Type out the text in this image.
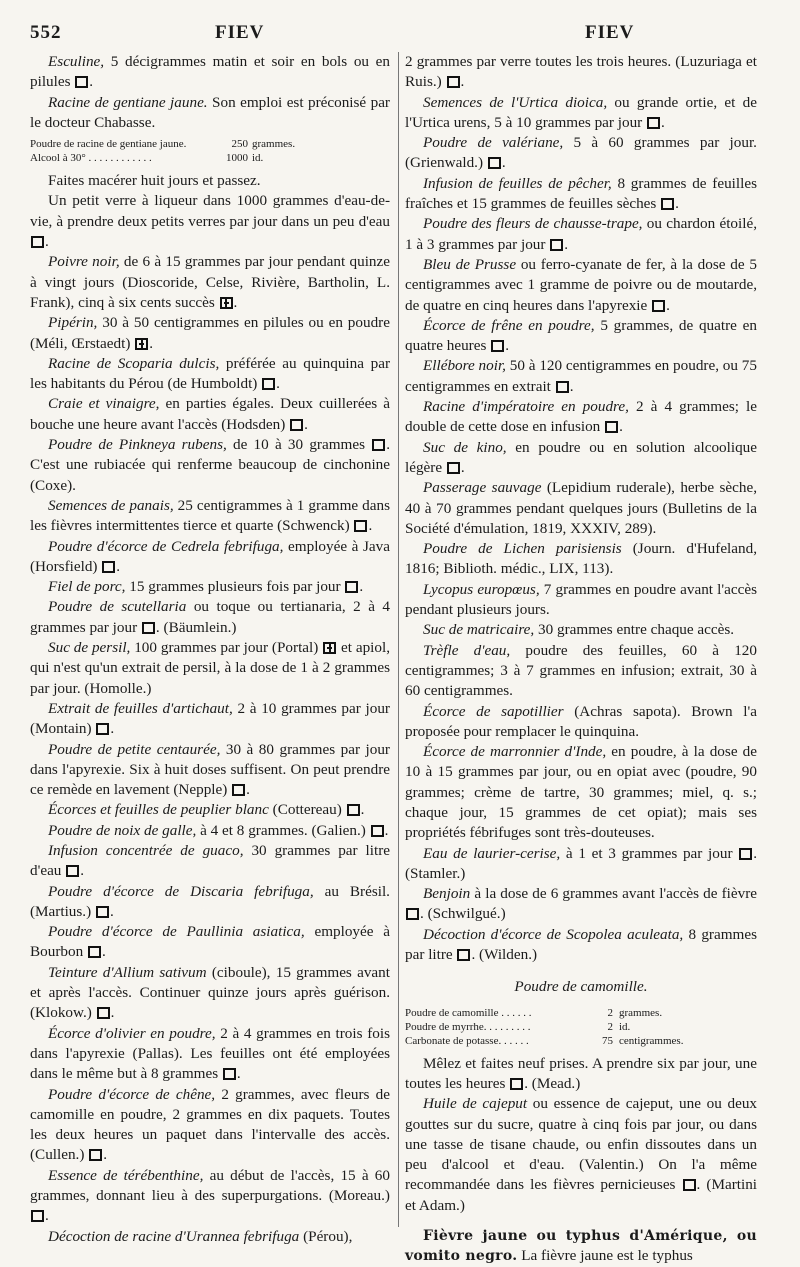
552	FIEV	FIEV

Esculine, 5 décigrammes matin et soir en bols ou en pilules .

Racine de gentiane jaune. Son emploi est préconisé par le docteur Chabasse.

Poudre de racine de gentiane jaune.	250	grammes.
Alcool à 30° . . . . . . . . . . . .	1000	id.

Faites macérer huit jours et passez.

Un petit verre à liqueur dans 1000 grammes d'eau-de-vie, à prendre deux petits verres par jour dans un peu d'eau .

Poivre noir, de 6 à 15 grammes par jour pendant quinze à vingt jours (Dioscoride, Celse, Rivière, Bartholin, L. Frank), cinq à six cents succès .

Pipérin, 30 à 50 centigrammes en pilules ou en poudre (Méli, Œrstaedt) .

Racine de Scoparia dulcis, préférée au quinquina par les habitants du Pérou (de Humboldt) .

Craie et vinaigre, en parties égales. Deux cuillerées à bouche une heure avant l'accès (Hodsden) .

Poudre de Pinkneya rubens, de 10 à 30 grammes . C'est une rubiacée qui renferme beaucoup de cinchonine (Coxe).

Semences de panais, 25 centigrammes à 1 gramme dans les fièvres intermittentes tierce et quarte (Schwenck) .

Poudre d'écorce de Cedrela febrifuga, employée à Java (Horsfield) .

Fiel de porc, 15 grammes plusieurs fois par jour .

Poudre de scutellaria ou toque ou tertianaria, 2 à 4 grammes par jour . (Bäumlein.)

Suc de persil, 100 grammes par jour (Portal)  et apiol, qui n'est qu'un extrait de persil, à la dose de 1 à 2 grammes par jour. (Homolle.)

Extrait de feuilles d'artichaut, 2 à 10 grammes par jour (Montain) .

Poudre de petite centaurée, 30 à 80 grammes par jour dans l'apyrexie. Six à huit doses suffisent. On peut prendre ce remède en lavement (Nepple) .

Écorces et feuilles de peuplier blanc (Cottereau) .

Poudre de noix de galle, à 4 et 8 grammes. (Galien.) .

Infusion concentrée de guaco, 30 grammes par litre d'eau .

Poudre d'écorce de Discaria febrifuga, au Brésil. (Martius.) .

Poudre d'écorce de Paullinia asiatica, employée à Bourbon .

Teinture d'Allium sativum (ciboule), 15 grammes avant et après l'accès. Continuer quinze jours après guérison. (Klokow.) .

Écorce d'olivier en poudre, 2 à 4 grammes en trois fois dans l'apyrexie (Pallas). Les feuilles ont été employées dans le même but à 8 grammes .

Poudre d'écorce de chêne, 2 grammes, avec fleurs de camomille en poudre, 2 grammes en dix paquets. Toutes les deux heures un paquet dans l'intervalle des accès. (Cullen.) .

Essence de térébenthine, au début de l'accès, 15 à 60 grammes, donnant lieu à des superpurgations. (Moreau.) .

Décoction de racine d'Urannea febrifuga (Pérou),

2 grammes par verre toutes les trois heures. (Luzuriaga et Ruis.) .

Semences de l'Urtica dioica, ou grande ortie, et de l'Urtica urens, 5 à 10 grammes par jour .

Poudre de valériane, 5 à 60 grammes par jour. (Grienwald.) .

Infusion de feuilles de pêcher, 8 grammes de feuilles fraîches et 15 grammes de feuilles sèches .

Poudre des fleurs de chausse-trape, ou chardon étoilé, 1 à 3 grammes par jour .

Bleu de Prusse ou ferro-cyanate de fer, à la dose de 5 centigrammes avec 1 gramme de poivre ou de moutarde, de quatre en cinq heures dans l'apyrexie .

Écorce de frêne en poudre, 5 grammes, de quatre en quatre heures .

Ellébore noir, 50 à 120 centigrammes en poudre, ou 75 centigrammes en extrait .

Racine d'impératoire en poudre, 2 à 4 grammes; le double de cette dose en infusion .

Suc de kino, en poudre ou en solution alcoolique légère .

Passerage sauvage (Lepidium ruderale), herbe sèche, 40 à 70 grammes pendant quelques jours (Bulletins de la Société d'émulation, 1819, XXXIV, 289).

Poudre de Lichen parisiensis (Journ. d'Hufeland, 1816; Biblioth. médic., LIX, 113).

Lycopus europœus, 7 grammes en poudre avant l'accès pendant plusieurs jours.

Suc de matricaire, 30 grammes entre chaque accès.

Trèfle d'eau, poudre des feuilles, 60 à 120 centigrammes; 3 à 7 grammes en infusion; extrait, 30 à 60 centigrammes.

Écorce de sapotillier (Achras sapota). Brown l'a proposée pour remplacer le quinquina.

Écorce de marronnier d'Inde, en poudre, à la dose de 10 à 15 grammes par jour, ou en opiat avec (poudre, 90 grammes; crème de tartre, 30 grammes; miel, q. s.; chaque jour, 15 grammes de cet opiat); mais ses propriétés fébrifuges sont très-douteuses.

Eau de laurier-cerise, à 1 et 3 grammes par jour . (Stamler.)

Benjoin à la dose de 6 grammes avant l'accès de fièvre . (Schwilgué.)

Décoction d'écorce de Scopolea aculeata, 8 grammes par litre . (Wilden.)

Poudre de camomille.

Poudre de camomille . . . . . .	2	grammes.
Poudre de myrrhe. . . . . . . . .	2	id.
Carbonate de potasse. . . . . .	75	centigrammes.

Mêlez et faites neuf prises. A prendre six par jour, une toutes les heures . (Mead.)

Huile de cajeput ou essence de cajeput, une ou deux gouttes sur du sucre, quatre à cinq fois par jour, ou dans une tasse de tisane chaude, ou enfin dissoutes dans un peu d'alcool et d'eau. (Valentin.) On l'a même recommandée dans les fièvres pernicieuses . (Martini et Adam.)

Fièvre jaune ou typhus d'Amérique, ou vomito negro. La fièvre jaune est le typhus
